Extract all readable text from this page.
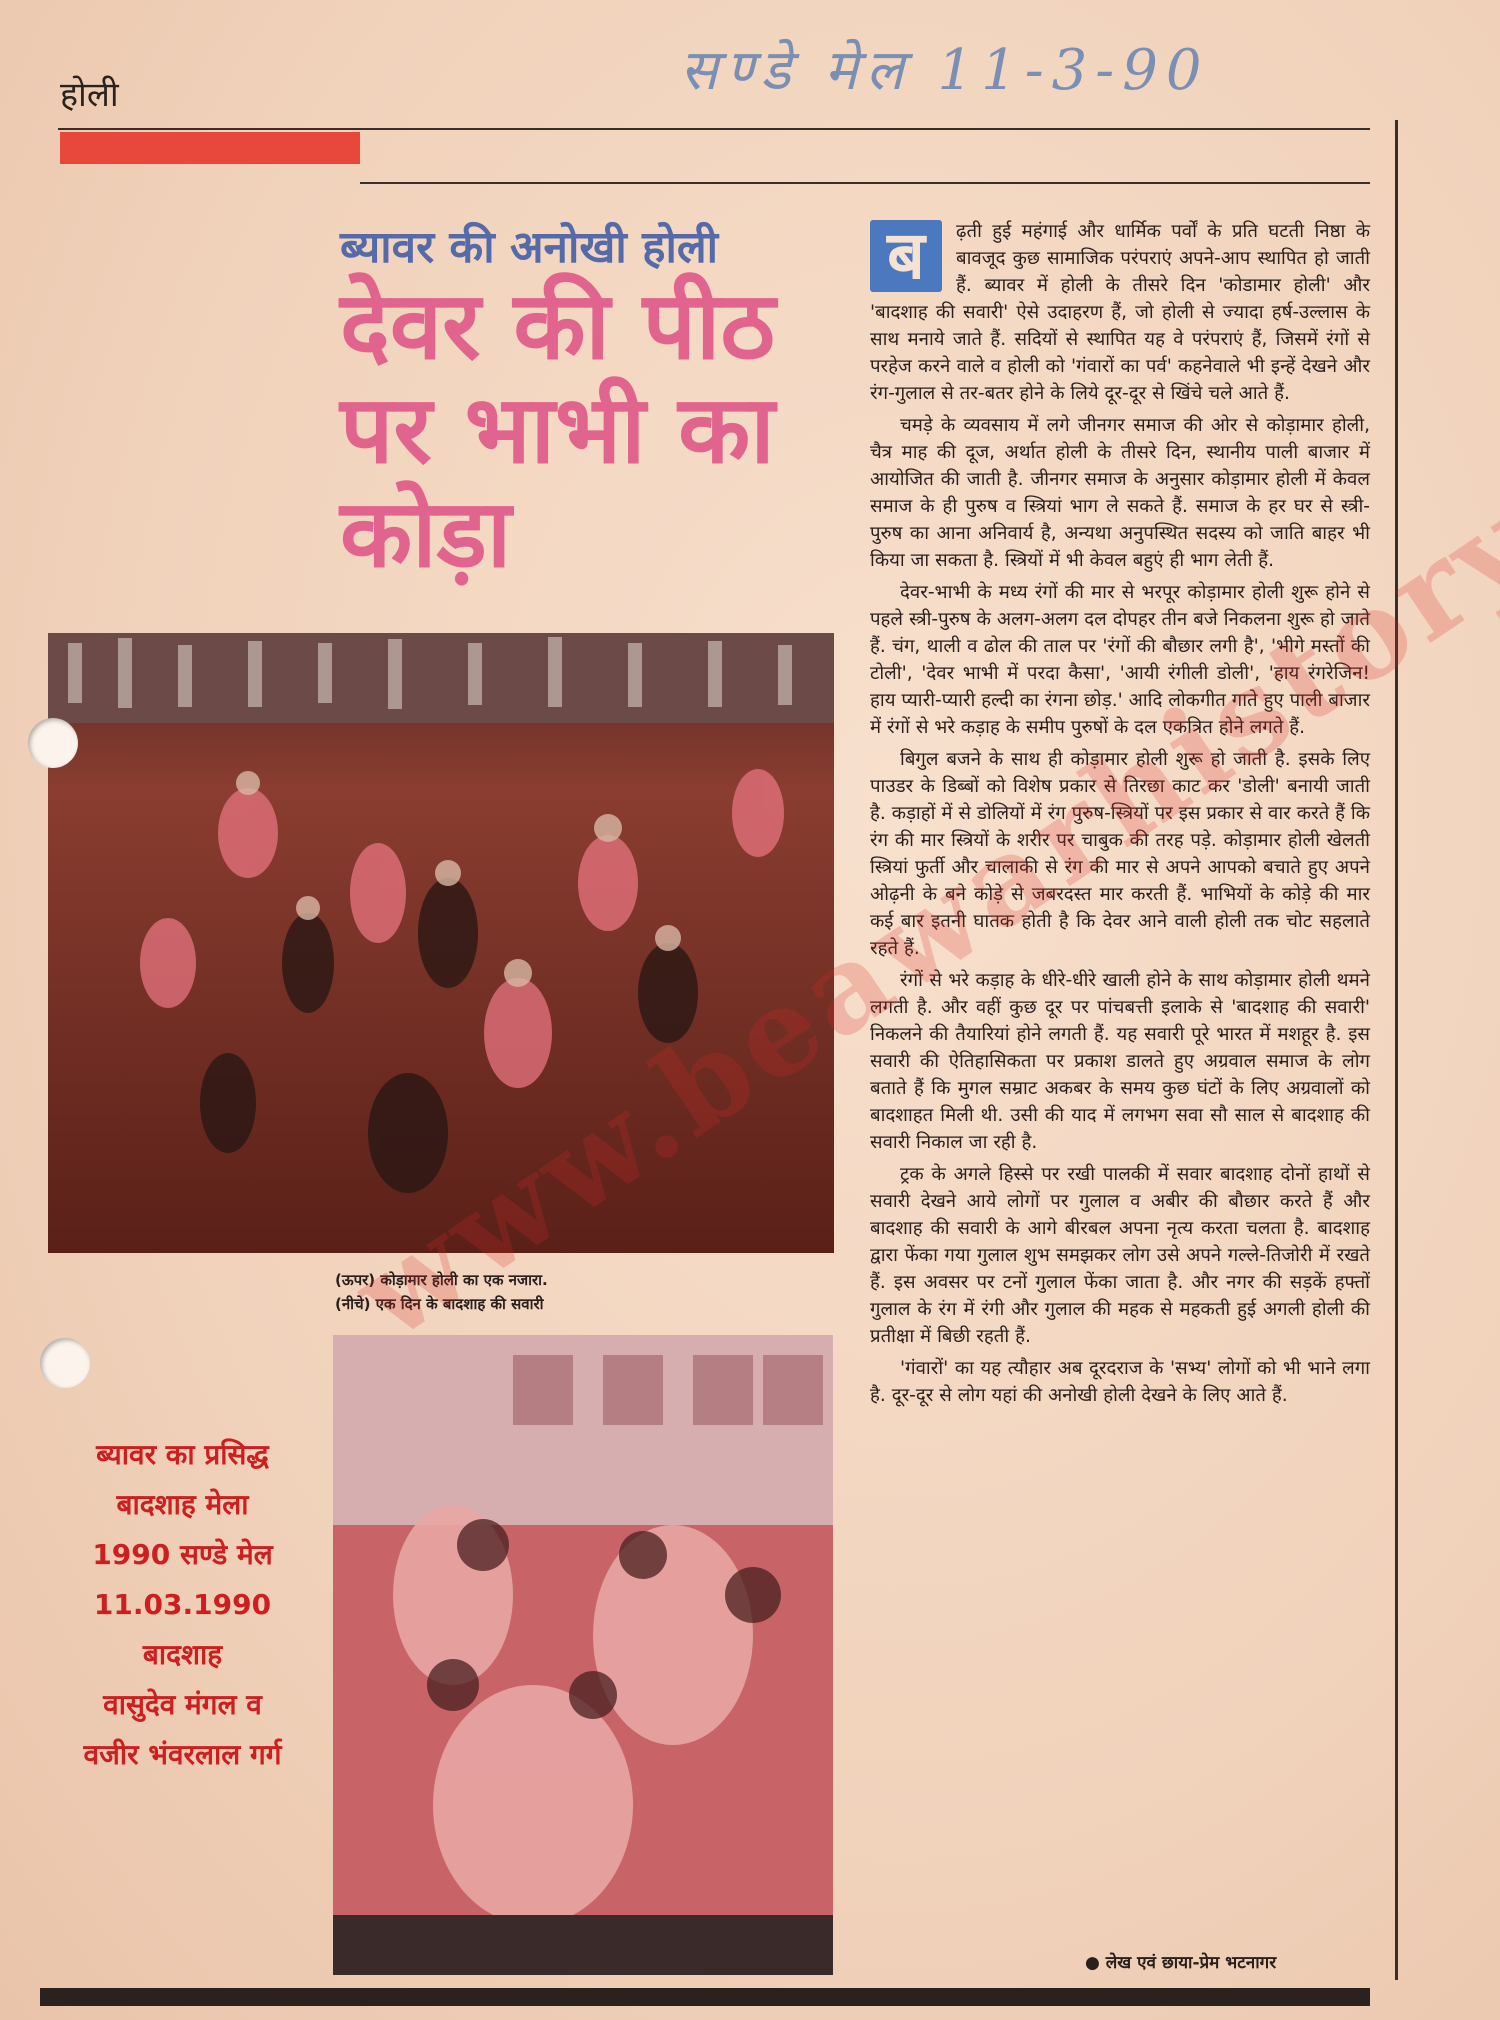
होली	सण्डे मेल 11-3-90
ब्यावर की अनोखी होली
देवर की पीठ पर भाभी का कोड़ा
(ऊपर) कोड़ामार होली का एक नजारा.
(नीचे) एक दिन के बादशाह की सवारी
ब्यावर का प्रसिद्ध
बादशाह मेला
1990 सण्डे मेल
11.03.1990
बादशाह
वासुदेव मंगल व
वजीर भंवरलाल गर्ग

ब	ढ़ती हुई महंगाई और धार्मिक पर्वों के प्रति घटती निष्ठा के बावजूद कुछ सामाजिक परंपराएं अपने-आप स्थापित हो जाती हैं. ब्यावर में होली के तीसरे दिन 'कोडामार होली' और 'बादशाह की सवारी' ऐसे उदाहरण हैं, जो होली से ज्यादा हर्ष-उल्लास के साथ मनाये जाते हैं. सदियों से स्थापित यह वे परंपराएं हैं, जिसमें रंगों से परहेज करने वाले व होली को 'गंवारों का पर्व' कहनेवाले भी इन्हें देखने और रंग-गुलाल से तर-बतर होने के लिये दूर-दूर से खिंचे चले आते हैं.

चमड़े के व्यवसाय में लगे जीनगर समाज की ओर से कोड़ामार होली, चैत्र माह की दूज, अर्थात होली के तीसरे दिन, स्थानीय पाली बाजार में आयोजित की जाती है. जीनगर समाज के अनुसार कोड़ामार होली में केवल समाज के ही पुरुष व स्त्रियां भाग ले सकते हैं. समाज के हर घर से स्त्री-पुरुष का आना अनिवार्य है, अन्यथा अनुपस्थित सदस्य को जाति बाहर भी किया जा सकता है. स्त्रियों में भी केवल बहुएं ही भाग लेती हैं.

देवर-भाभी के मध्य रंगों की मार से भरपूर कोड़ामार होली शुरू होने से पहले स्त्री-पुरुष के अलग-अलग दल दोपहर तीन बजे निकलना शुरू हो जाते हैं. चंग, थाली व ढोल की ताल पर 'रंगों की बौछार लगी है', 'भीगे मस्तों की टोली', 'देवर भाभी में परदा कैसा', 'आयी रंगीली डोली', 'हाय रंगरेजिन! हाय प्यारी-प्यारी हल्दी का रंगना छोड़.' आदि लोकगीत गाते हुए पाली बाजार में रंगों से भरे कड़ाह के समीप पुरुषों के दल एकत्रित होने लगते हैं.

बिगुल बजने के साथ ही कोड़ामार होली शुरू हो जाती है. इसके लिए पाउडर के डिब्बों को विशेष प्रकार से तिरछा काट कर 'डोली' बनायी जाती है. कड़ाहों में से डोलियों में रंग पुरुष-स्त्रियों पर इस प्रकार से वार करते हैं कि रंग की मार स्त्रियों के शरीर पर चाबुक की तरह पड़े. कोड़ामार होली खेलती स्त्रियां फुर्ती और चालाकी से रंग की मार से अपने आपको बचाते हुए अपने ओढ़नी के बने कोड़े से जबरदस्त मार करती हैं. भाभियों के कोड़े की मार कई बार इतनी घातक होती है कि देवर आने वाली होली तक चोट सहलाते रहते हैं.

रंगों से भरे कड़ाह के धीरे-धीरे खाली होने के साथ कोड़ामार होली थमने लगती है. और वहीं कुछ दूर पर पांचबत्ती इलाके से 'बादशाह की सवारी' निकलने की तैयारियां होने लगती हैं. यह सवारी पूरे भारत में मशहूर है. इस सवारी की ऐतिहासिकता पर प्रकाश डालते हुए अग्रवाल समाज के लोग बताते हैं कि मुगल सम्राट अकबर के समय कुछ घंटों के लिए अग्रवालों को बादशाहत मिली थी. उसी की याद में लगभग सवा सौ साल से बादशाह की सवारी निकाल जा रही है.

ट्रक के अगले हिस्से पर रखी पालकी में सवार बादशाह दोनों हाथों से सवारी देखने आये लोगों पर गुलाल व अबीर की बौछार करते हैं और बादशाह की सवारी के आगे बीरबल अपना नृत्य करता चलता है. बादशाह द्वारा फेंका गया गुलाल शुभ समझकर लोग उसे अपने गल्ले-तिजोरी में रखते हैं. इस अवसर पर टनों गुलाल फेंका जाता है. और नगर की सड़कें हफ्तों गुलाल के रंग में रंगी और गुलाल की महक से महकती हुई अगली होली की प्रतीक्षा में बिछी रहती हैं.

'गंवारों' का यह त्यौहार अब दूरदराज के 'सभ्य' लोगों को भी भाने लगा है. दूर-दूर से लोग यहां की अनोखी होली देखने के लिए आते हैं.

● लेख एवं छाया-प्रेम भटनागर
